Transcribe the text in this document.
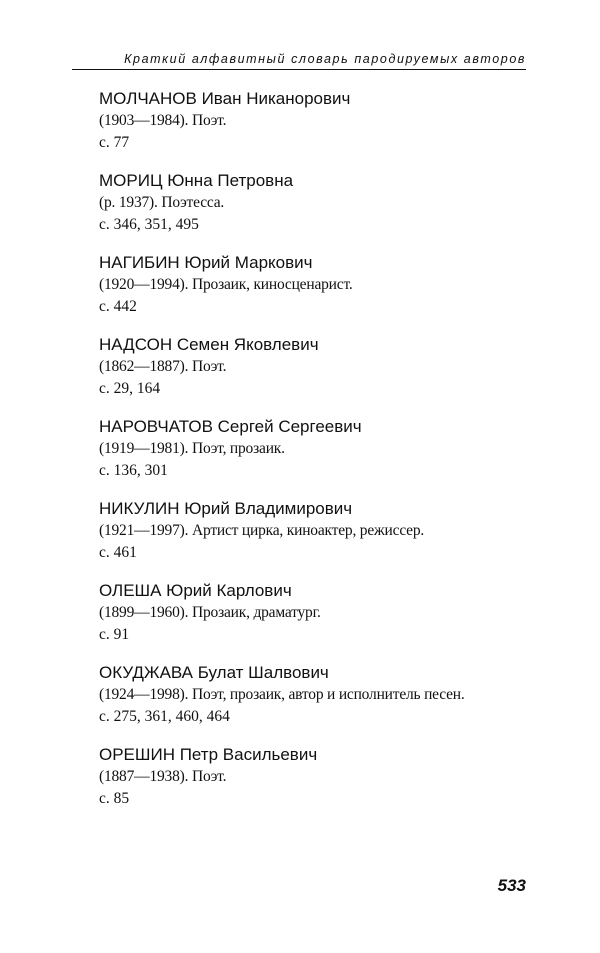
Краткий алфавитный словарь пародируемых авторов
МОЛЧАНОВ Иван Никанорович
(1903—1984). Поэт.
с. 77
МОРИЦ Юнна Петровна
(р. 1937). Поэтесса.
с. 346, 351, 495
НАГИБИН Юрий Маркович
(1920—1994). Прозаик, киносценарист.
с. 442
НАДСОН Семен Яковлевич
(1862—1887). Поэт.
с. 29, 164
НАРОВЧАТОВ Сергей Сергеевич
(1919—1981). Поэт, прозаик.
с. 136, 301
НИКУЛИН Юрий Владимирович
(1921—1997). Артист цирка, киноактер, режиссер.
с. 461
ОЛЕША Юрий Карлович
(1899—1960). Прозаик, драматург.
с. 91
ОКУДЖАВА Булат Шалвович
(1924—1998). Поэт, прозаик, автор и исполнитель песен.
с. 275, 361, 460, 464
ОРЕШИН Петр Васильевич
(1887—1938). Поэт.
с. 85
533
